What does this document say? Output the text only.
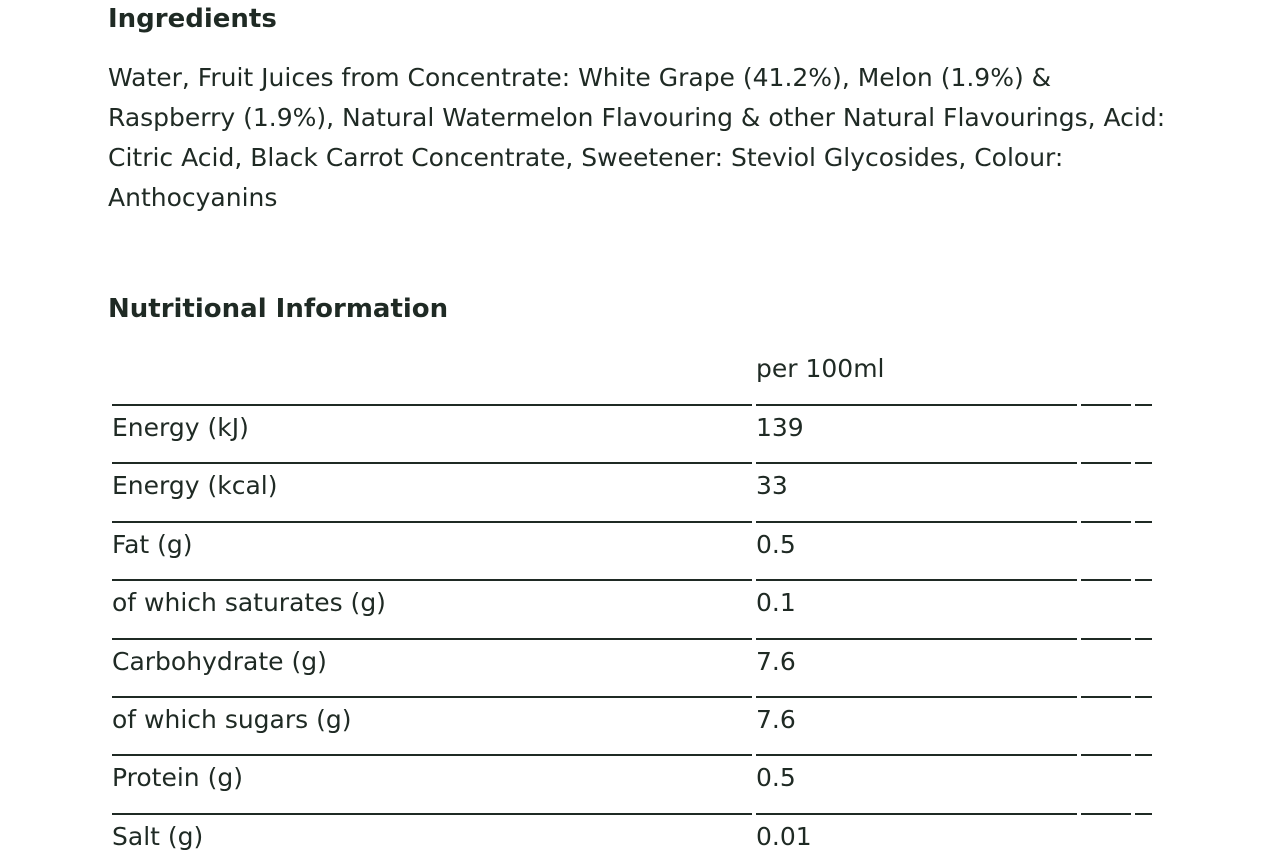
Ingredients

Water, Fruit Juices from Concentrate: White Grape (41.2%), Melon (1.9%) & Raspberry (1.9%), Natural Watermelon Flavouring & other Natural Flavourings, Acid: Citric Acid, Black Carrot Concentrate, Sweetener: Steviol Glycosides, Colour: Anthocyanins

Nutritional Information
per 100ml
Energy (kJ)	139
Energy (kcal)	33
Fat (g)	0.5
of which saturates (g)	0.1
Carbohydrate (g)	7.6
of which sugars (g)	7.6
Protein (g)	0.5
Salt (g)	0.01
